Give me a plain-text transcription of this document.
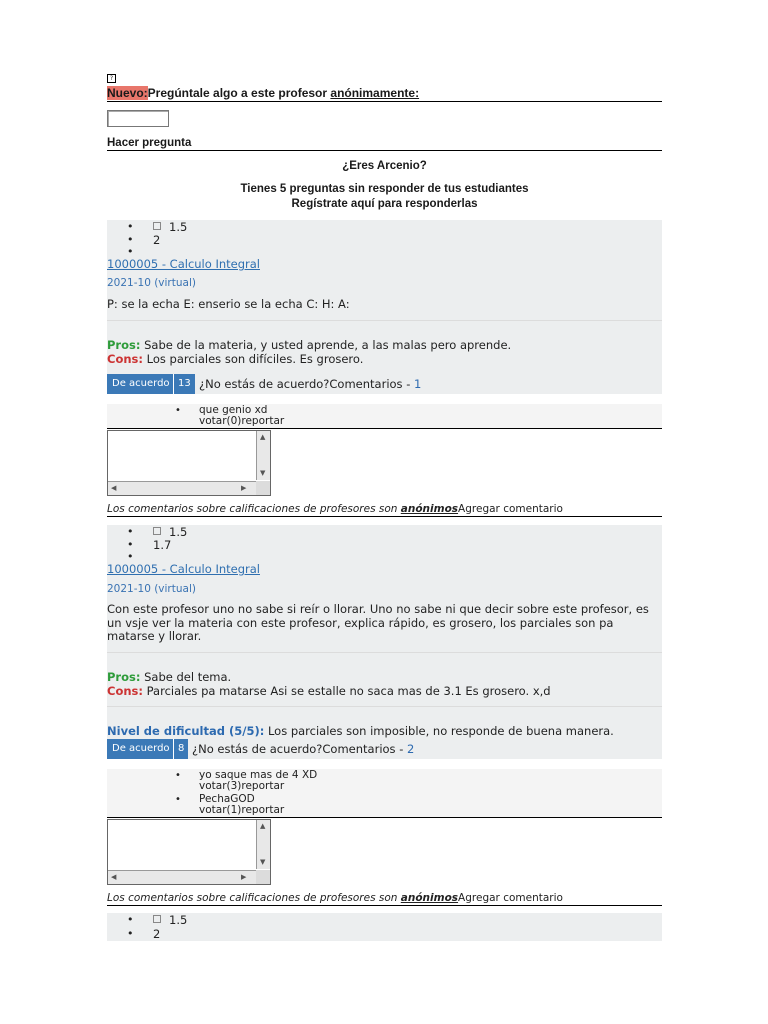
?
Nuevo:Pregúntale algo a este profesor anónimamente:
Hacer pregunta
¿Eres Arcenio?
Tienes 5 preguntas sin responder de tus estudiantes
Regístrate aquí para responderlas
•	1.5
• 2
•
1000005 - Calculo Integral
2021-10 (virtual)
P: se la echa E: enserio se la echa C: H: A:
Pros: Sabe de la materia, y usted aprende, a las malas pero aprende.
Cons: Los parciales son difíciles. Es grosero.
De acuerdo 13 ¿No estás de acuerdo?Comentarios - 1
• que genio xd
votar(0)reportar
▲
▼
◀	▶
Los comentarios sobre calificaciones de profesores son anónimosAgregar comentario
•	1.5
• 1.7
•
1000005 - Calculo Integral
2021-10 (virtual)
Con este profesor uno no sabe si reír o llorar. Uno no sabe ni que decir sobre este profesor, es un vsje ver la materia con este profesor, explica rápido, es grosero, los parciales son pa matarse y llorar.
Pros: Sabe del tema.
Cons: Parciales pa matarse Asi se estalle no saca mas de 3.1 Es grosero. x,d
Nivel de dificultad (5/5): Los parciales son imposible, no responde de buena manera.
De acuerdo 8 ¿No estás de acuerdo?Comentarios - 2
• yo saque mas de 4 XD
votar(3)reportar
• PechaGOD
votar(1)reportar
▲
▼
◀	▶
Los comentarios sobre calificaciones de profesores son anónimosAgregar comentario
•	1.5
• 2
